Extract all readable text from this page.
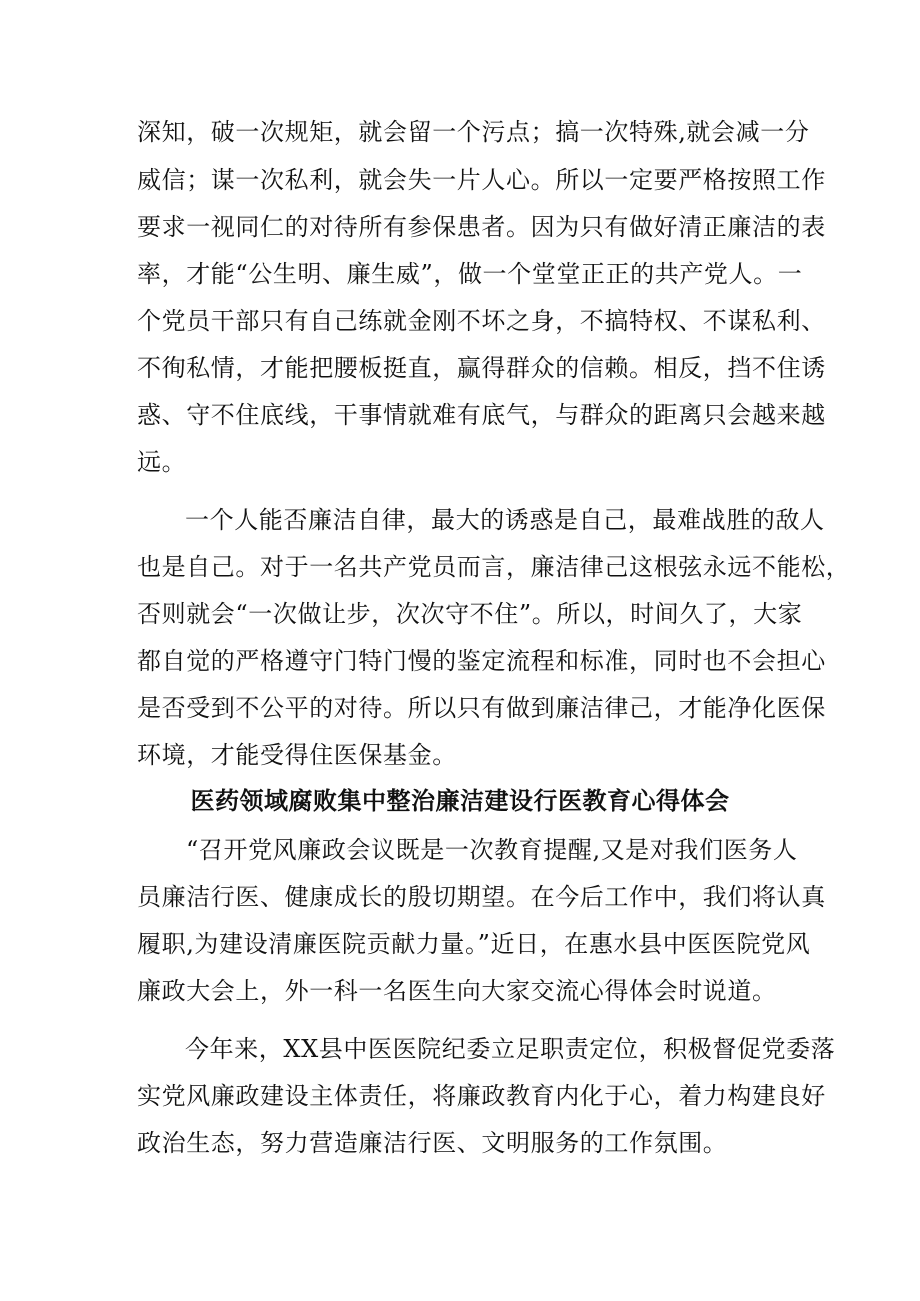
深知，破一次规矩，就会留一个污点；搞一次特殊,就会减一分
威信；谋一次私利，就会失一片人心。所以一定要严格按照工作
要求一视同仁的对待所有参保患者。因为只有做好清正廉洁的表
率，才能“公生明、廉生威”，做一个堂堂正正的共产党人。一
个党员干部只有自己练就金刚不坏之身，不搞特权、不谋私利、
不徇私情，才能把腰板挺直，赢得群众的信赖。相反，挡不住诱
惑、守不住底线，干事情就难有底气，与群众的距离只会越来越
远。
一个人能否廉洁自律，最大的诱惑是自己，最难战胜的敌人
也是自己。对于一名共产党员而言，廉洁律己这根弦永远不能松，
否则就会“一次做让步，次次守不住”。所以，时间久了，大家
都自觉的严格遵守门特门慢的鉴定流程和标准，同时也不会担心
是否受到不公平的对待。所以只有做到廉洁律己，才能净化医保
环境，才能受得住医保基金。
医药领域腐败集中整治廉洁建设行医教育心得体会
“召开党风廉政会议既是一次教育提醒,又是对我们医务人
员廉洁行医、健康成长的殷切期望。在今后工作中，我们将认真
履职,为建设清廉医院贡献力量。”近日，在惠水县中医医院党风
廉政大会上，外一科一名医生向大家交流心得体会时说道。
今年来，XX县中医医院纪委立足职责定位，积极督促党委落
实党风廉政建设主体责任，将廉政教育内化于心，着力构建良好
政治生态，努力营造廉洁行医、文明服务的工作氛围。
